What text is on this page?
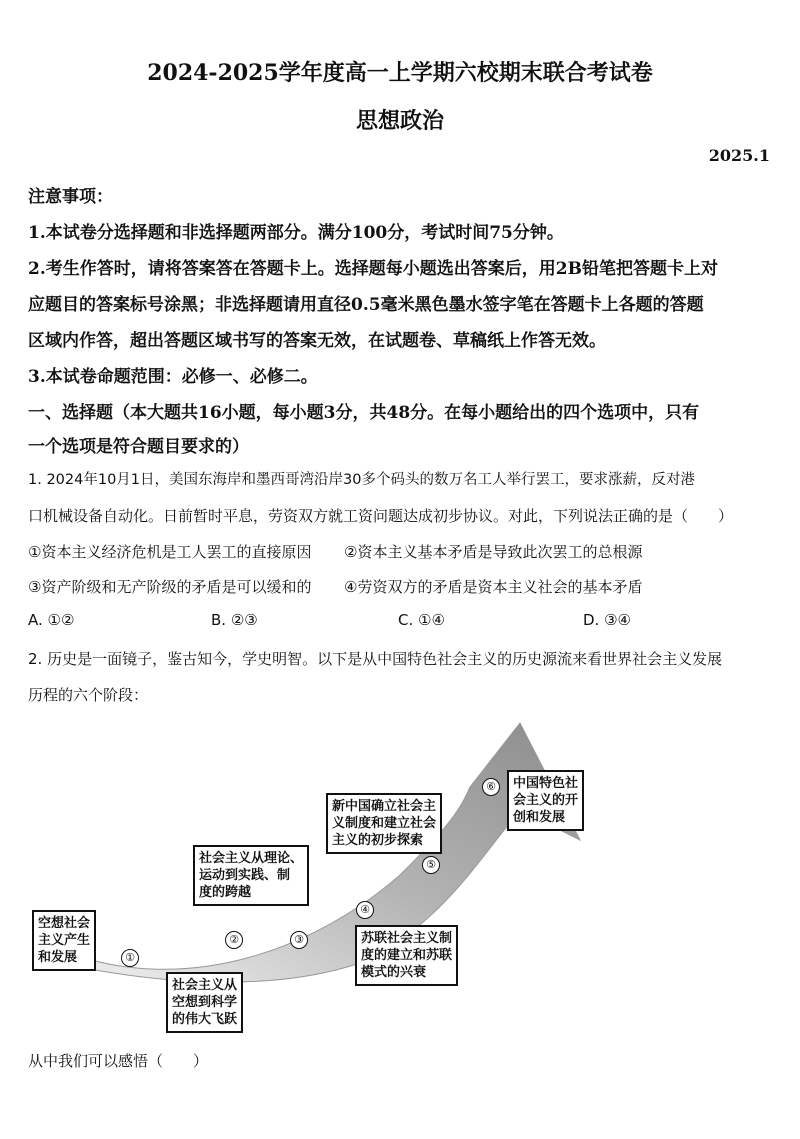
2024-2025学年度高一上学期六校期末联合考试卷
思想政治
2025.1
注意事项：
1.本试卷分选择题和非选择题两部分。满分100分，考试时间75分钟。
2.考生作答时，请将答案答在答题卡上。选择题每小题选出答案后，用2B铅笔把答题卡上对
应题目的答案标号涂黑；非选择题请用直径0.5毫米黑色墨水签字笔在答题卡上各题的答题
区域内作答，超出答题区域书写的答案无效，在试题卷、草稿纸上作答无效。
3.本试卷命题范围：必修一、必修二。
一、选择题（本大题共16小题，每小题3分，共48分。在每小题给出的四个选项中，只有
一个选项是符合题目要求的）
1. 2024年10月1日，美国东海岸和墨西哥湾沿岸30多个码头的数万名工人举行罢工，要求涨薪，反对港
口机械设备自动化。日前暂时平息，劳资双方就工资问题达成初步协议。对此，下列说法正确的是（　　）
①资本主义经济危机是工人罢工的直接原因 ②资本主义基本矛盾是导致此次罢工的总根源
③资产阶级和无产阶级的矛盾是可以缓和的 ④劳资双方的矛盾是资本主义社会的基本矛盾
A. ①②	B. ②③	C. ①④	D. ③④
2. 历史是一面镜子，鉴古知今，学史明智。以下是从中国特色社会主义的历史源流来看世界社会主义发展
历程的六个阶段：
①
②	③
④
⑤
⑥
空想社会
主义产生
和发展
社会主义从
空想到科学
的伟大飞跃
社会主义从理论、
运动到实践、制
度的跨越
苏联社会主义制
度的建立和苏联
模式的兴衰
新中国确立社会主
义制度和建立社会
主义的初步探索
中国特色社
会主义的开
创和发展
从中我们可以感悟（　　）
